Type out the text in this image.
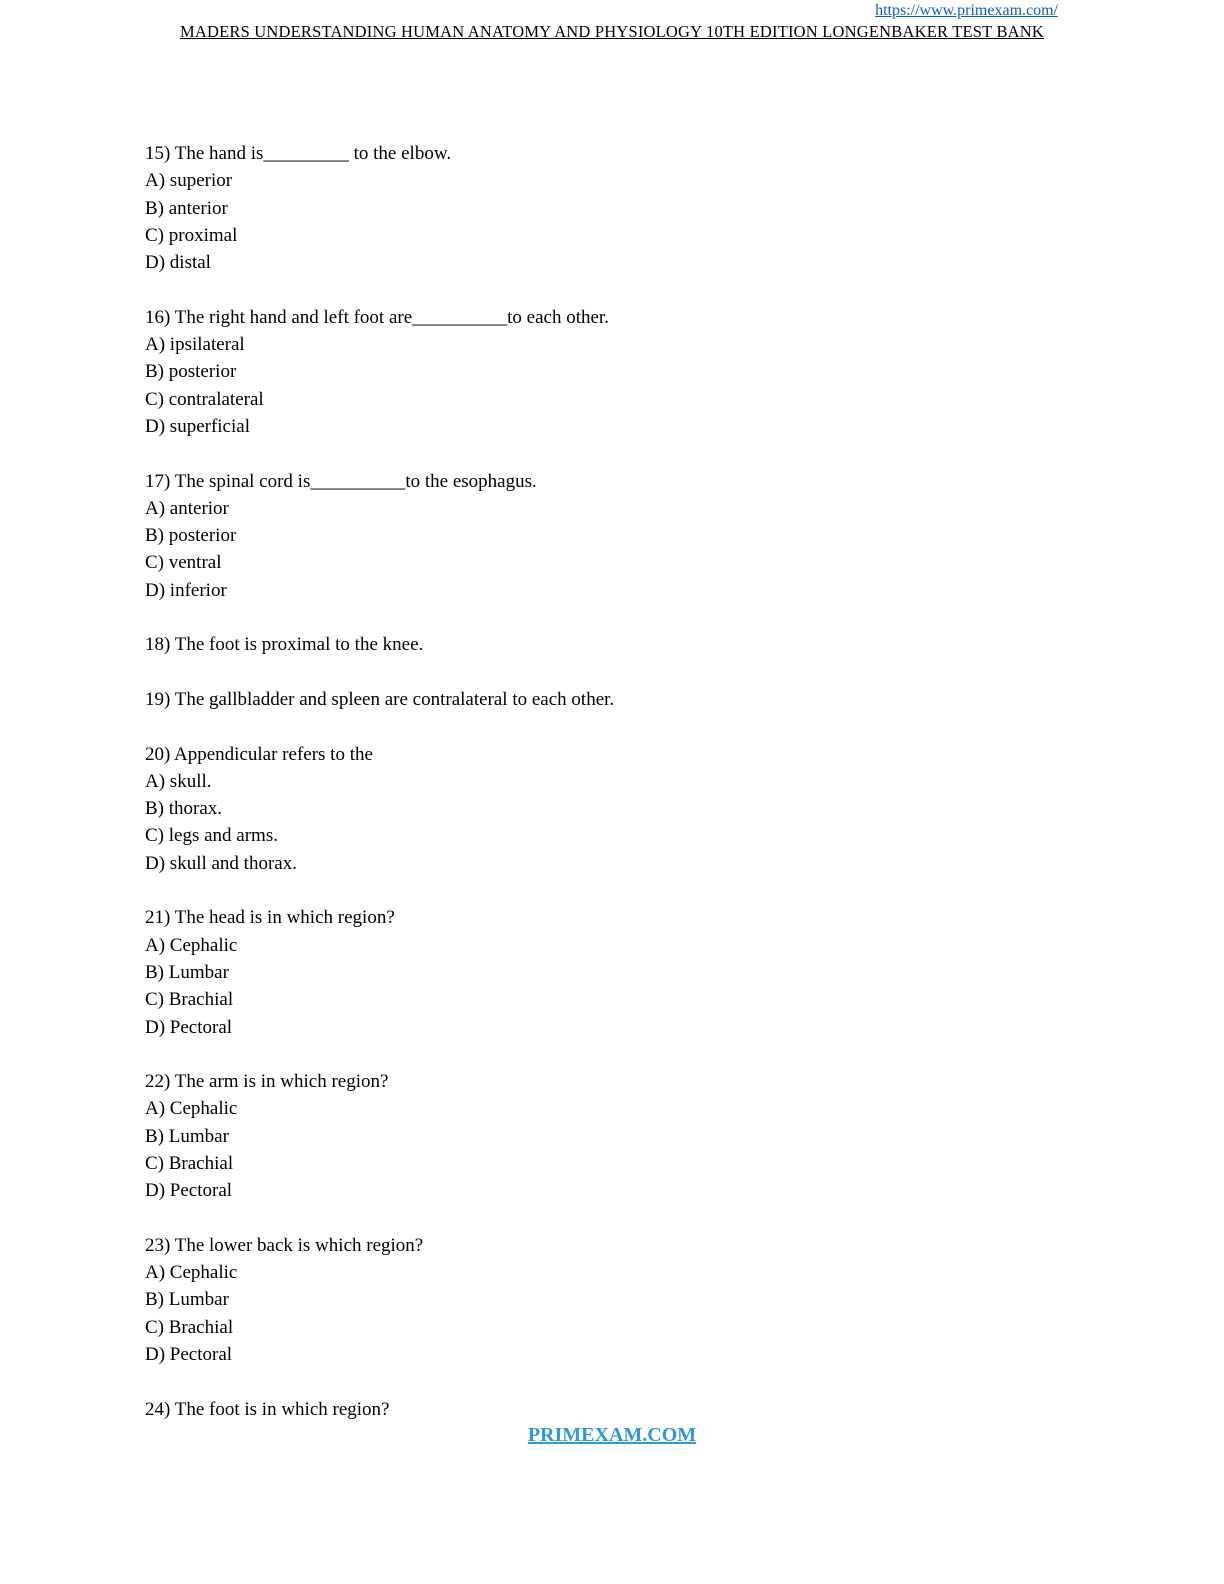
https://www.primexam.com/
MADERS UNDERSTANDING HUMAN ANATOMY AND PHYSIOLOGY 10TH EDITION LONGENBAKER TEST BANK
15) The hand is_________ to the elbow.
A) superior
B) anterior
C) proximal
D) distal
16) The right hand and left foot are__________to each other.
A) ipsilateral
B) posterior
C) contralateral
D) superficial
17) The spinal cord is__________to the esophagus.
A) anterior
B) posterior
C) ventral
D) inferior
18) The foot is proximal to the knee.
19) The gallbladder and spleen are contralateral to each other.
20) Appendicular refers to the
A) skull.
B) thorax.
C) legs and arms.
D) skull and thorax.
21) The head is in which region?
A) Cephalic
B) Lumbar
C) Brachial
D) Pectoral
22) The arm is in which region?
A) Cephalic
B) Lumbar
C) Brachial
D) Pectoral
23) The lower back is which region?
A) Cephalic
B) Lumbar
C) Brachial
D) Pectoral
24) The foot is in which region?
PRIMEXAM.COM
